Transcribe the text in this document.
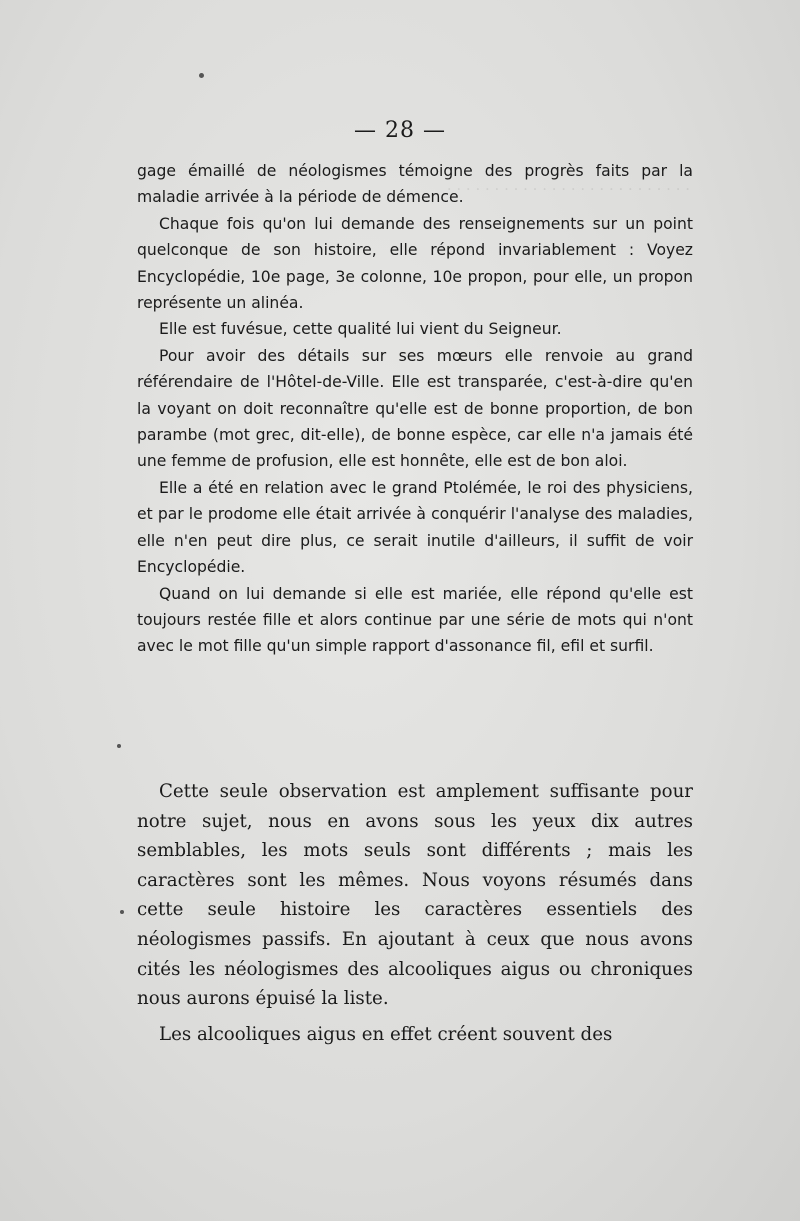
. . . . . . . . . . . . . . . . . . . . . . . . . .
— 28 —

gage émaillé de néologismes témoigne des progrès faits par la maladie arrivée à la période de démence.

Chaque fois qu'on lui demande des renseignements sur un point quelconque de son histoire, elle répond invariablement : Voyez Encyclopédie, 10e page, 3e colonne, 10e propon, pour elle, un propon représente un alinéa.

Elle est fuvésue, cette qualité lui vient du Seigneur.

Pour avoir des détails sur ses mœurs elle renvoie au grand référendaire de l'Hôtel-de-Ville. Elle est transparée, c'est-à-dire qu'en la voyant on doit reconnaître qu'elle est de bonne proportion, de bon parambe (mot grec, dit-elle), de bonne espèce, car elle n'a jamais été une femme de profusion, elle est honnête, elle est de bon aloi.

Elle a été en relation avec le grand Ptolémée, le roi des physiciens, et par le prodome elle était arrivée à conquérir l'analyse des maladies, elle n'en peut dire plus, ce serait inutile d'ailleurs, il suffit de voir Encyclopédie.

Quand on lui demande si elle est mariée, elle répond qu'elle est toujours restée fille et alors continue par une série de mots qui n'ont avec le mot fille qu'un simple rapport d'assonance fil, efil et surfil.

Cette seule observation est amplement suffisante pour notre sujet, nous en avons sous les yeux dix autres semblables, les mots seuls sont différents ; mais les caractères sont les mêmes. Nous voyons résumés dans cette seule histoire les caractères essentiels des néologismes passifs. En ajoutant à ceux que nous avons cités les néologismes des alcooliques aigus ou chroniques nous aurons épuisé la liste.

Les alcooliques aigus en effet créent souvent des
